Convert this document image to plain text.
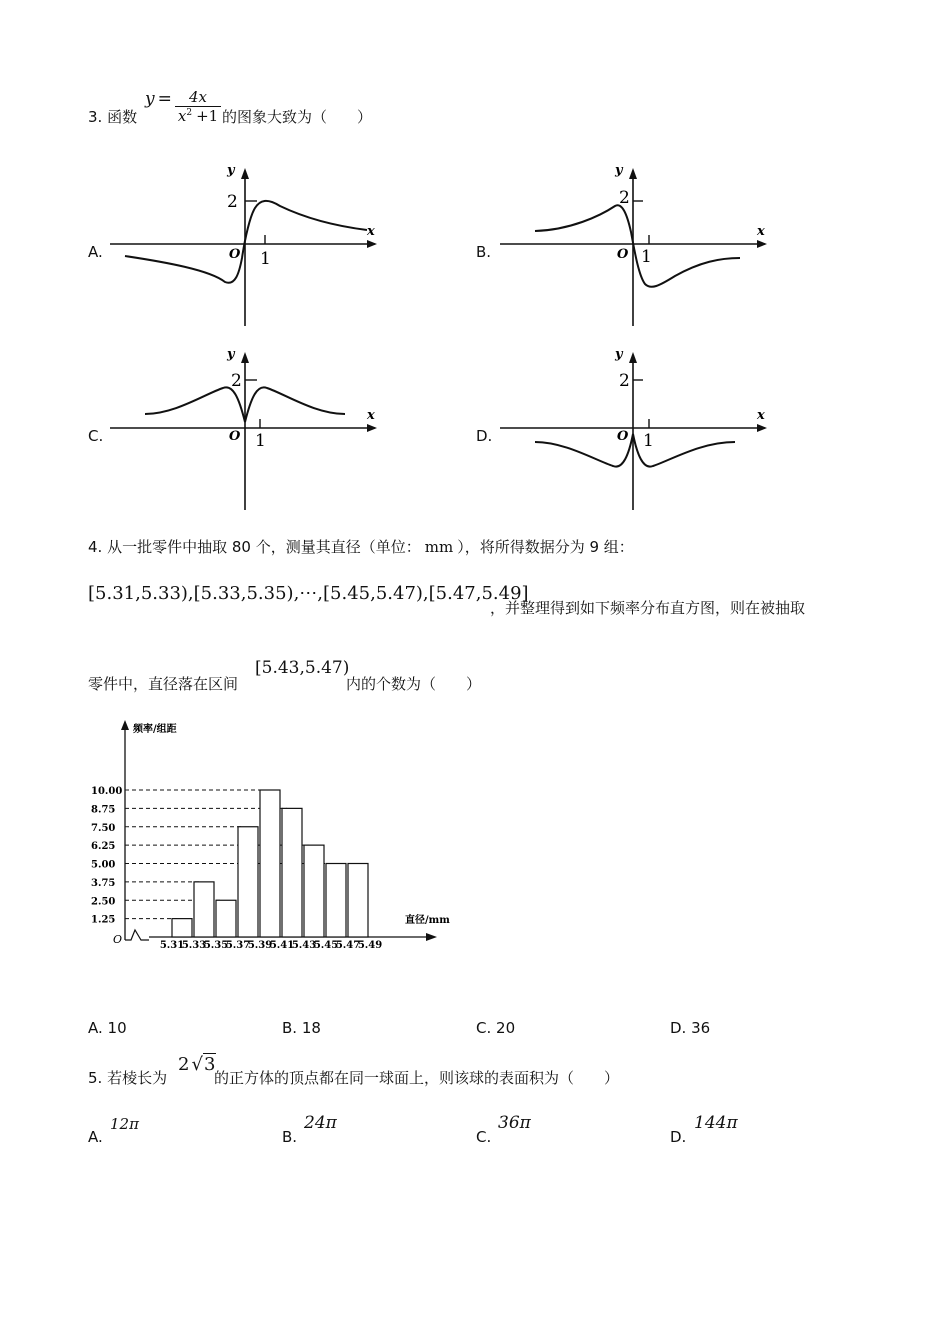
3. 函数
$y = \frac{4x}{x^2 +1}$ 的图象大致为（　　）
A.	B.
C.	D.
y
x
O 1
2
y
x
O 1
2
y
x
O 1
2
y
x
O 1
2
4. 从一批零件中抽取 80 个，测量其直径（单位： mm ），将所得数据分为 9 组：
[5.31,5.33),[5.33,5.35),⋯,[5.45,5.47),[5.47,5.49]
，并整理得到如下频率分布直方图，则在被抽取
零件中，直径落在区间
[5.43,5.47)
内的个数为（　　）
频率/组距
直径/mm
O
10.00
8.75
7.50
6.25
5.00
3.75
2.50
1.25
5.31
5.33
5.35
5.37
5.39
5.41
5.43
5.45
5.47
5.49
A. 10	B. 18	C. 20	D. 36
5. 若棱长为
2 √3
的正方体的顶点都在同一球面上，则该球的表面积为（　　）
A.
12π
B.
24π
C.
36π
D.
144π
